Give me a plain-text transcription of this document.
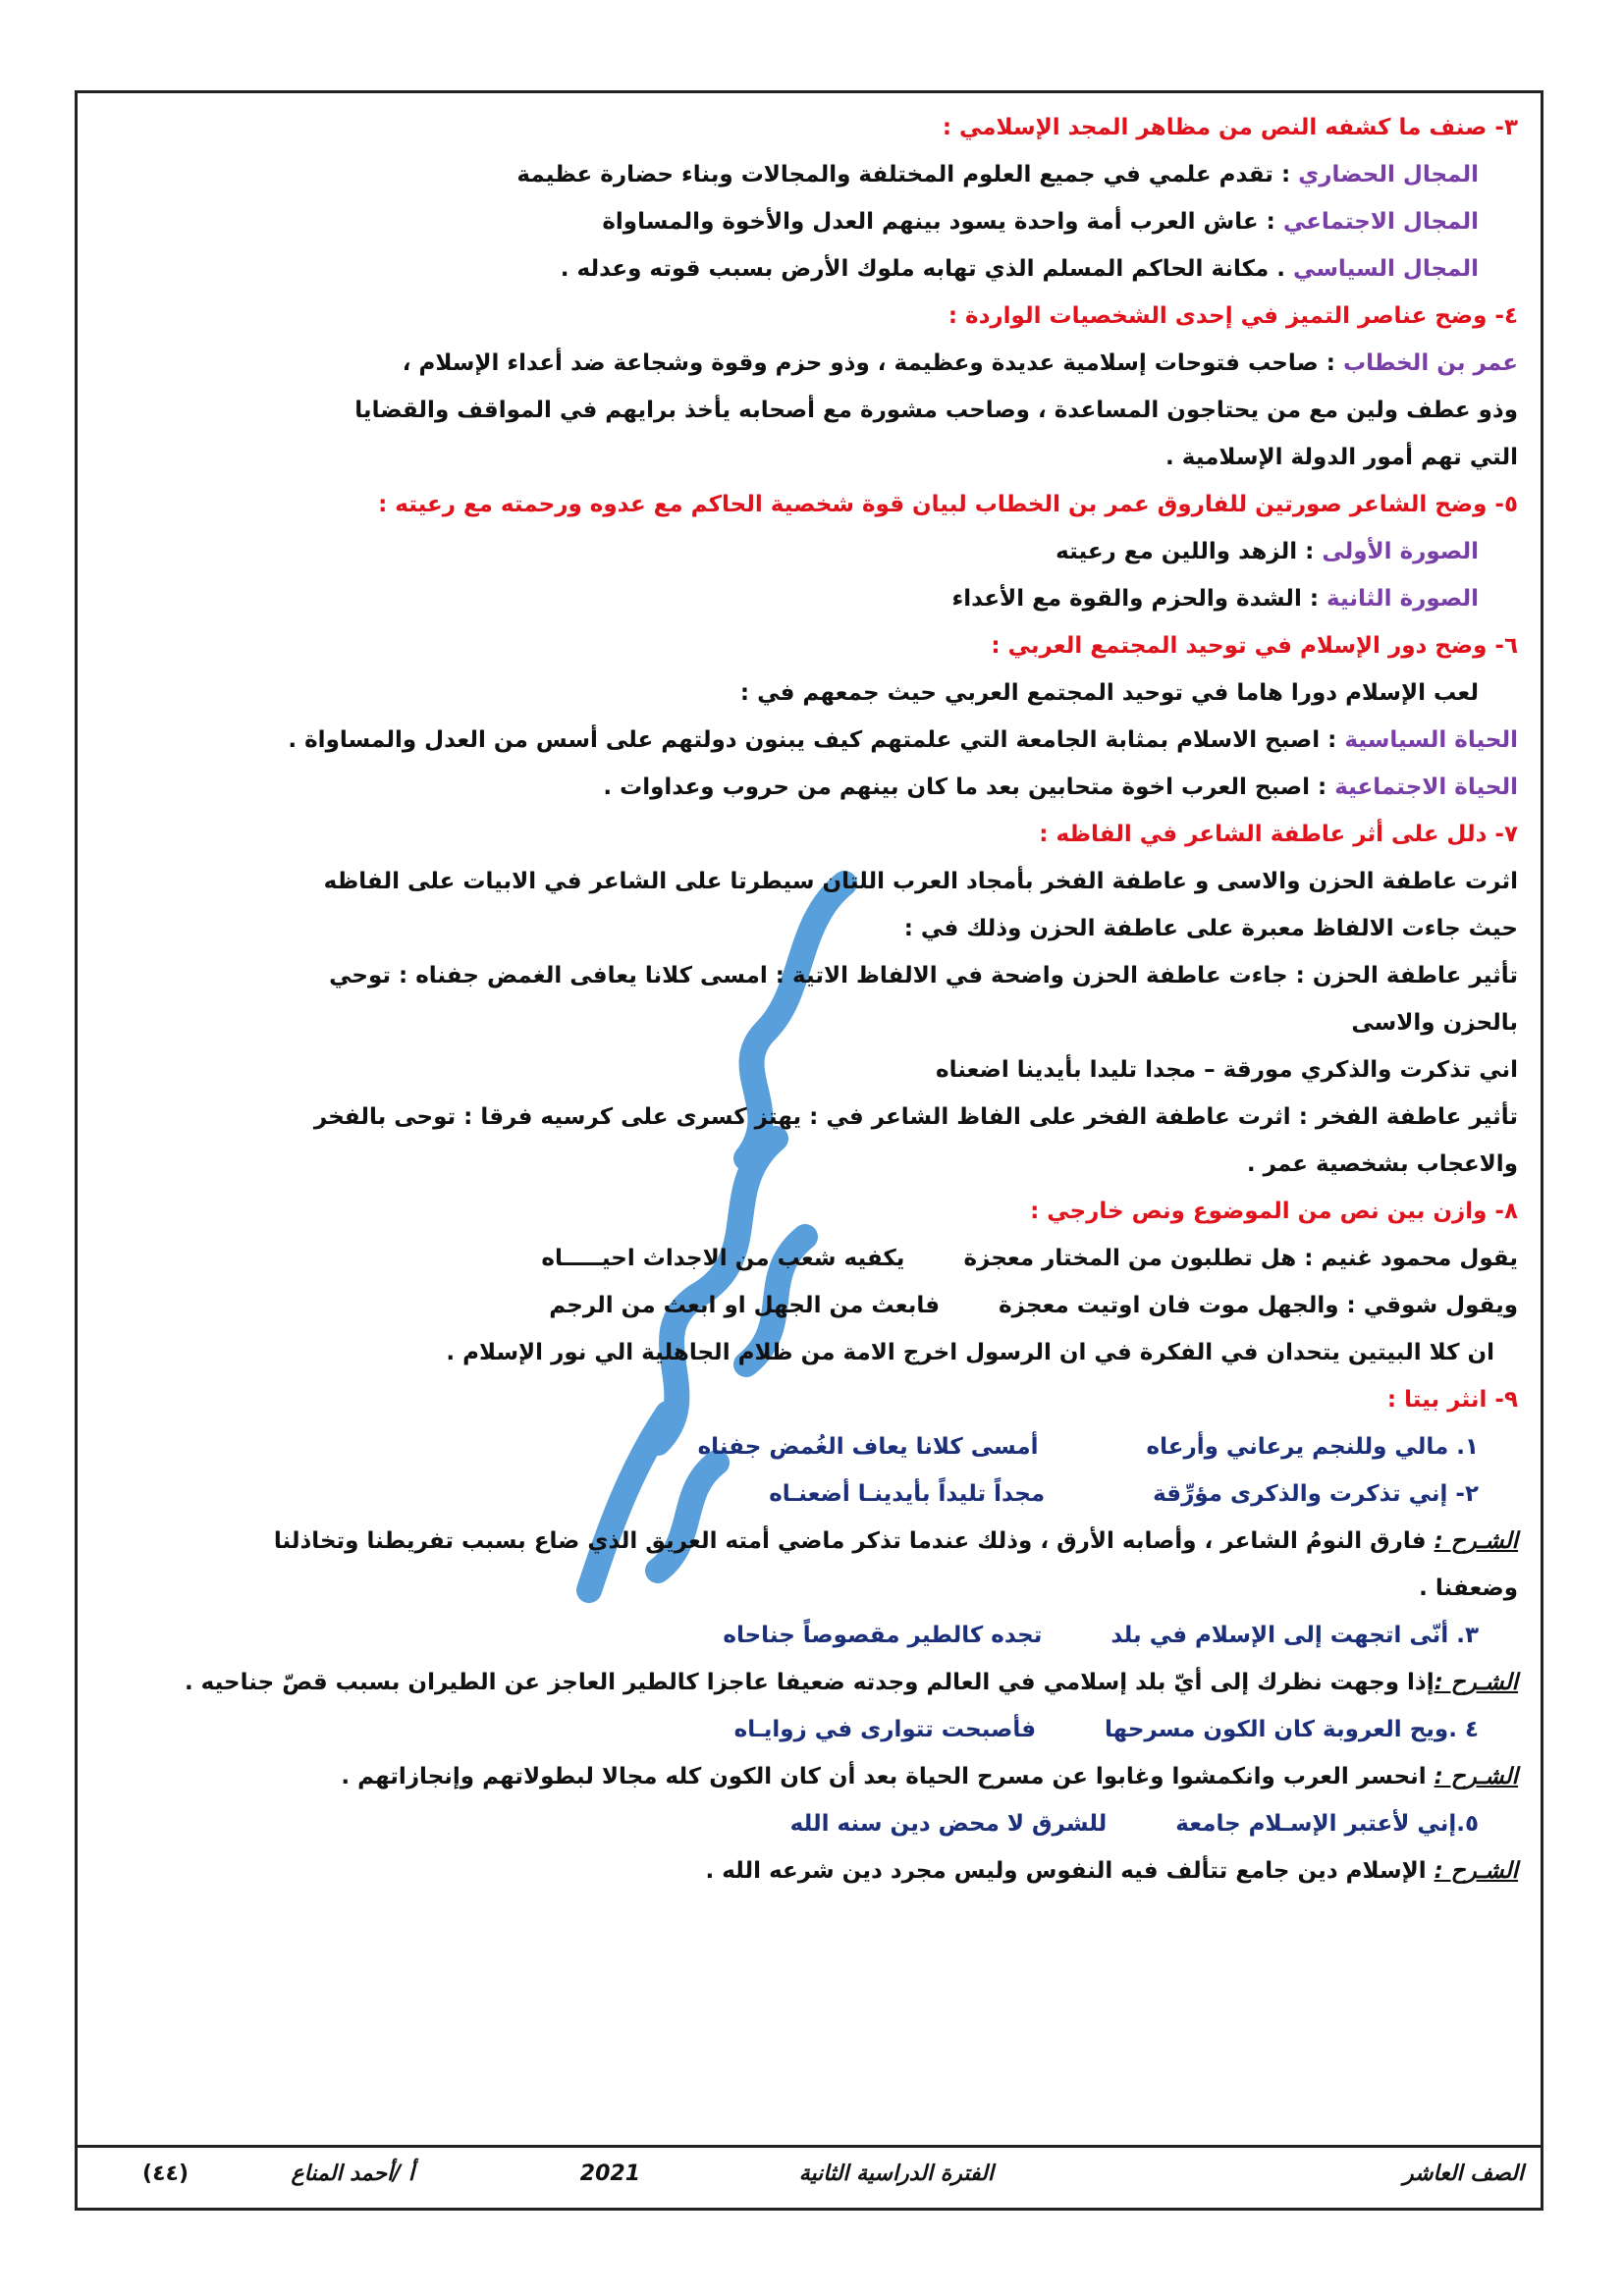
٣- صنف ما كشفه النص من مظاهر المجد الإسلامي :
المجال الحضاري : تقدم علمي في جميع العلوم المختلفة والمجالات وبناء حضارة عظيمة
المجال الاجتماعي : عاش العرب أمة واحدة يسود بينهم العدل والأخوة والمساواة
المجال السياسي . مكانة الحاكم المسلم الذي تهابه ملوك الأرض بسبب قوته وعدله .
٤- وضح عناصر التميز في إحدى الشخصيات الواردة :
عمر بن الخطاب : صاحب فتوحات إسلامية عديدة وعظيمة ، وذو حزم وقوة وشجاعة ضد أعداء الإسلام ،
وذو عطف ولين مع من يحتاجون المساعدة ، وصاحب مشورة مع أصحابه يأخذ برايهم في المواقف والقضايا
التي تهم أمور الدولة الإسلامية .
٥- وضح الشاعر صورتين للفاروق عمر بن الخطاب لبيان قوة شخصية الحاكم مع عدوه ورحمته مع رعيته :
الصورة الأولى : الزهد واللين مع رعيته
الصورة الثانية : الشدة والحزم والقوة مع الأعداء
٦- وضح دور الإسلام في توحيد المجتمع العربي :
لعب الإسلام دورا هاما في توحيد المجتمع العربي حيث جمعهم في :
الحياة السياسية : اصبح الاسلام بمثابة الجامعة التي علمتهم كيف يبنون دولتهم على أسس من العدل والمساواة .
الحياة الاجتماعية : اصبح العرب اخوة متحابين بعد ما كان بينهم من حروب وعداوات .
٧- دلل على أثر عاطفة الشاعر في الفاظه :
اثرت عاطفة الحزن والاسى و عاطفة الفخر بأمجاد العرب اللتان سيطرتا على الشاعر في الابيات على الفاظه
حيث جاءت الالفاظ معبرة على عاطفة الحزن وذلك في :
تأثير عاطفة الحزن : جاءت عاطفة الحزن واضحة في الالفاظ الاتية : امسى كلانا يعافى الغمض جفناه : توحي
بالحزن والاسى
اني تذكرت والذكري مورقة – مجدا تليدا بأيدينا اضعناه
تأثير عاطفة الفخر : اثرت عاطفة الفخر على الفاظ الشاعر في : يهتز كسرى على كرسيه فرقا : توحى بالفخر
والاعجاب بشخصية عمر .
٨- وازن بين نص من الموضوع ونص خارجي :
يقول محمود غنيم : هل تطلبون من المختار معجزةيكفيه شعب من الاجداث احيـــــاه
ويقول شوقي : والجهل موت فان اوتيت معجزةفابعث من الجهل او ابعث من الرجم
ان كلا البيتين يتحدان في الفكرة في ان الرسول اخرج الامة من ظلام الجاهلية الي نور الإسلام .
٩- انثر بيتا :
١. مالي وللنجم يرعاني وأرعاهأمسى كلانا يعاف الغُمض جفناه
٢- إني تذكرت والذكرى مؤرِّقةمجداً تليداً بأيدينـا أضعنـاه
الشـرح : فارق النومُ الشاعر ، وأصابه الأرق ، وذلك عندما تذكر ماضي أمته العريق الذي ضاع بسبب تفريطنا وتخاذلنا
وضعفنا .
٣. أنّى اتجهت إلى الإسلام في بلدتجده كالطير مقصوصاً جناحاه
الشـرح :إذا وجهت نظرك إلى أيّ بلد إسلامي في العالم وجدته ضعيفا عاجزا كالطير العاجز عن الطيران بسبب قصّ جناحيه .
٤ .ويح العروبة كان الكون مسرحهافأصبحت تتوارى في زوايـاه
الشـرح : انحسر العرب وانكمشوا وغابوا عن مسرح الحياة بعد أن كان الكون كله مجالا لبطولاتهم وإنجازاتهم .
٥.إني لأعتبر الإسـلام جامعةللشرق لا محض دين سنه الله
الشـرح : الإسلام دين جامع تتألف فيه النفوس وليس مجرد دين شرعه الله .
الصف العاشر
الفترة الدراسية الثانية
2021
أ /أحمد المناع
(٤٤)
